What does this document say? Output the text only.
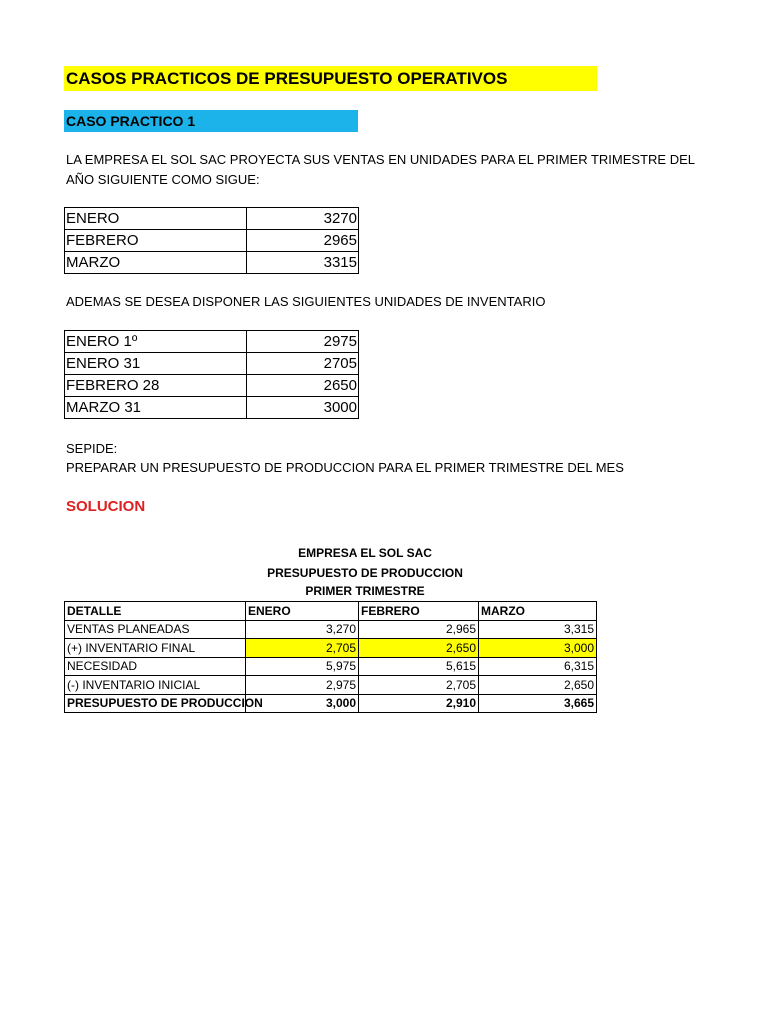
CASOS PRACTICOS DE PRESUPUESTO OPERATIVOS
CASO PRACTICO 1
LA EMPRESA EL SOL SAC PROYECTA SUS VENTAS EN UNIDADES PARA EL PRIMER TRIMESTRE DEL
AÑO SIGUIENTE COMO SIGUE:
ENERO	3270
FEBRERO	2965
MARZO	3315
ADEMAS SE DESEA DISPONER LAS SIGUIENTES UNIDADES DE INVENTARIO
ENERO 1º	2975
ENERO 31	2705
FEBRERO 28	2650
MARZO 31	3000
SEPIDE:
PREPARAR UN PRESUPUESTO DE PRODUCCION PARA EL PRIMER TRIMESTRE DEL MES
SOLUCION
EMPRESA EL SOL SAC
PRESUPUESTO DE PRODUCCION
PRIMER TRIMESTRE
DETALLE	ENERO	FEBRERO	MARZO
VENTAS PLANEADAS	3,270	2,965	3,315
(+) INVENTARIO FINAL	2,705	2,650	3,000
NECESIDAD	5,975	5,615	6,315
(-) INVENTARIO INICIAL	2,975	2,705	2,650
PRESUPUESTO DE PRODUCCION	3,000	2,910	3,665
